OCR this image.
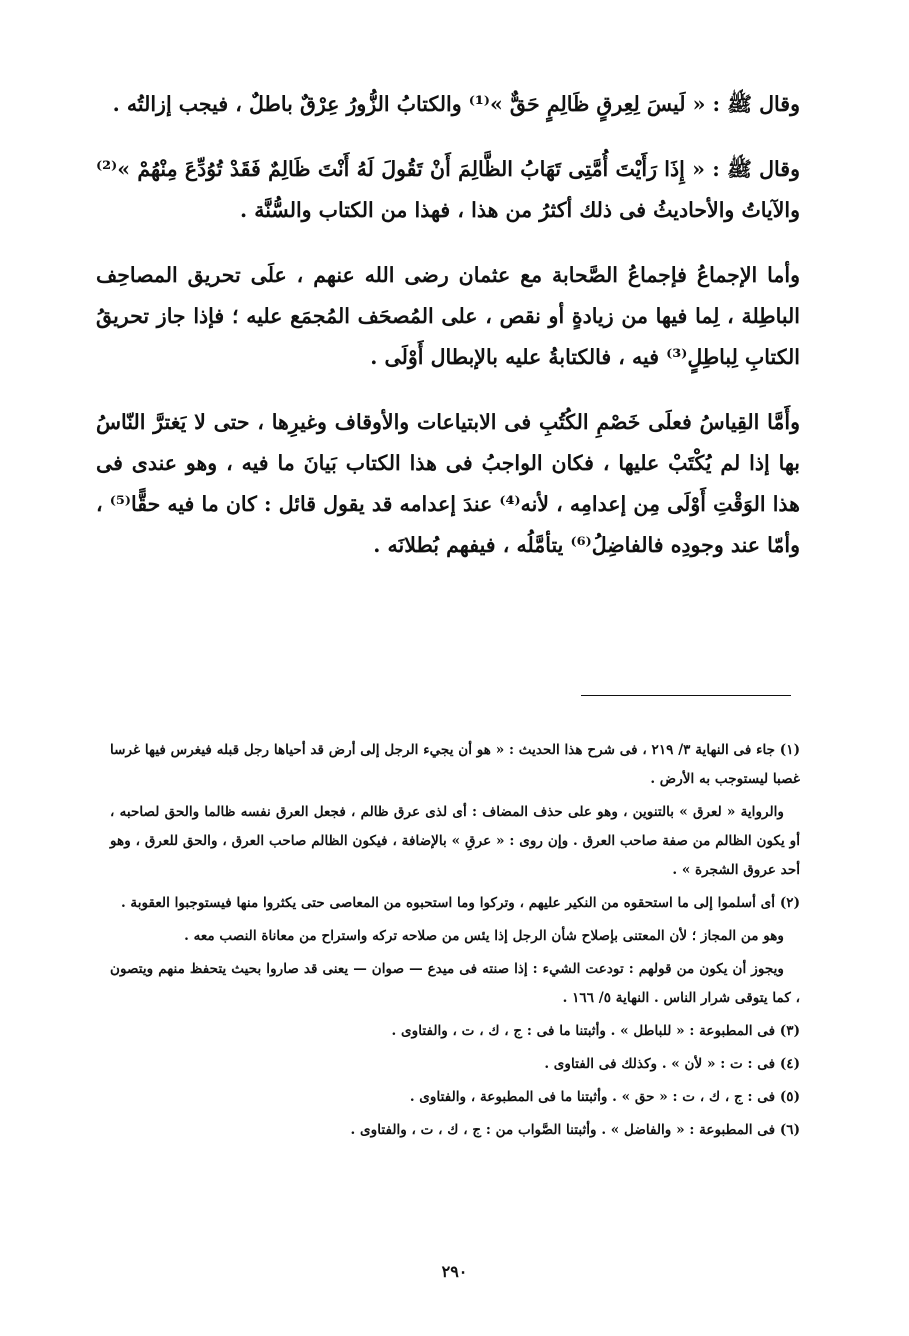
وقال ﷺ : « لَيسَ لِعِرقٍ ظَالِمٍ حَقٌّ »⁽¹⁾ والكتابُ الزُّورُ عِرْقٌ باطلٌ ، فيجب إزالتُه .

وقال ﷺ : « إِذَا رَأَيْتَ أُمَّتِى تَهَابُ الظَّالِمَ أَنْ تَقُولَ لَهُ أَنْتَ ظَالِمٌ فَقَدْ تُوُدِّعَ مِنْهُمْ »⁽²⁾ والآياتُ والأحاديثُ فى ذلك أكثرُ من هذا ، فهذا من الكتاب والسُّنَّة .

وأما الإجماعُ فإجماعُ الصَّحابة مع عثمان رضى الله عنهم ، علَى تحريق المصاحِف الباطِلة ، لِما فيها من زيادةٍ أو نقص ، على المُصحَف المُجمَع عليه ؛ فإذا جاز تحريقُ الكتابِ لِباطِلٍ⁽³⁾ فيه ، فالكتابةُ عليه بالإبطال أَوْلَى .

وأَمَّا القِياسُ فعلَى خَصْمِ الكُتُبِ فى الابتياعات والأوقاف وغيرِها ، حتى لا يَغترَّ النّاسُ بها إذا لم يُكْتَبْ عليها ، فكان الواجبُ فى هذا الكتاب بَيانَ ما فيه ، وهو عندى فى هذا الوَقْتِ أَوْلَى مِن إعدامِه ، لأنه⁽⁴⁾ عندَ إعدامه قد يقول قائل : كان ما فيه حقًّا⁽⁵⁾ ، وأمّا عند وجودِه فالفاضِلُ⁽⁶⁾ يتأمَّلُه ، فيفهم بُطلانَه .

(١) جاء فى النهاية ٣/ ٢١٩ ، فى شرح هذا الحديث : « هو أن يجيء الرجل إلى أرض قد أحياها رجل قبله فيغرس فيها غرسا غصبا ليستوجب به الأرض .

والرواية « لعرق » بالتنوين ، وهو على حذف المضاف : أى لذى عرق ظالم ، فجعل العرق نفسه ظالما والحق لصاحبه ، أو يكون الظالم من صفة صاحب العرق . وإن روى : « عرقِ » بالإضافة ، فيكون الظالم صاحب العرق ، والحق للعرق ، وهو أحد عروق الشجرة » .

(٢) أى أسلموا إلى ما استحقوه من النكير عليهم ، وتركوا وما استحبوه من المعاصى حتى يكثروا منها فيستوجبوا العقوبة .

وهو من المجاز ؛ لأن المعتنى بإصلاح شأن الرجل إذا يئس من صلاحه تركه واستراح من معاناة النصب معه .

ويجوز أن يكون من قولهم : تودعت الشيء : إذا صنته فى ميدع — صوان — يعنى قد صاروا بحيث يتحفظ منهم ويتصون ، كما يتوقى شرار الناس . النهاية ٥/ ١٦٦ .

(٣) فى المطبوعة : « للباطل » . وأثبتنا ما فى : ج ، ك ، ت ، والفتاوى .

(٤) فى : ت : « لأن » . وكذلك فى الفتاوى .

(٥) فى : ج ، ك ، ت : « حق » . وأثبتنا ما فى المطبوعة ، والفتاوى .

(٦) فى المطبوعة : « والفاضل » . وأثبتنا الصَّواب من : ج ، ك ، ت ، والفتاوى .

٢٩٠
